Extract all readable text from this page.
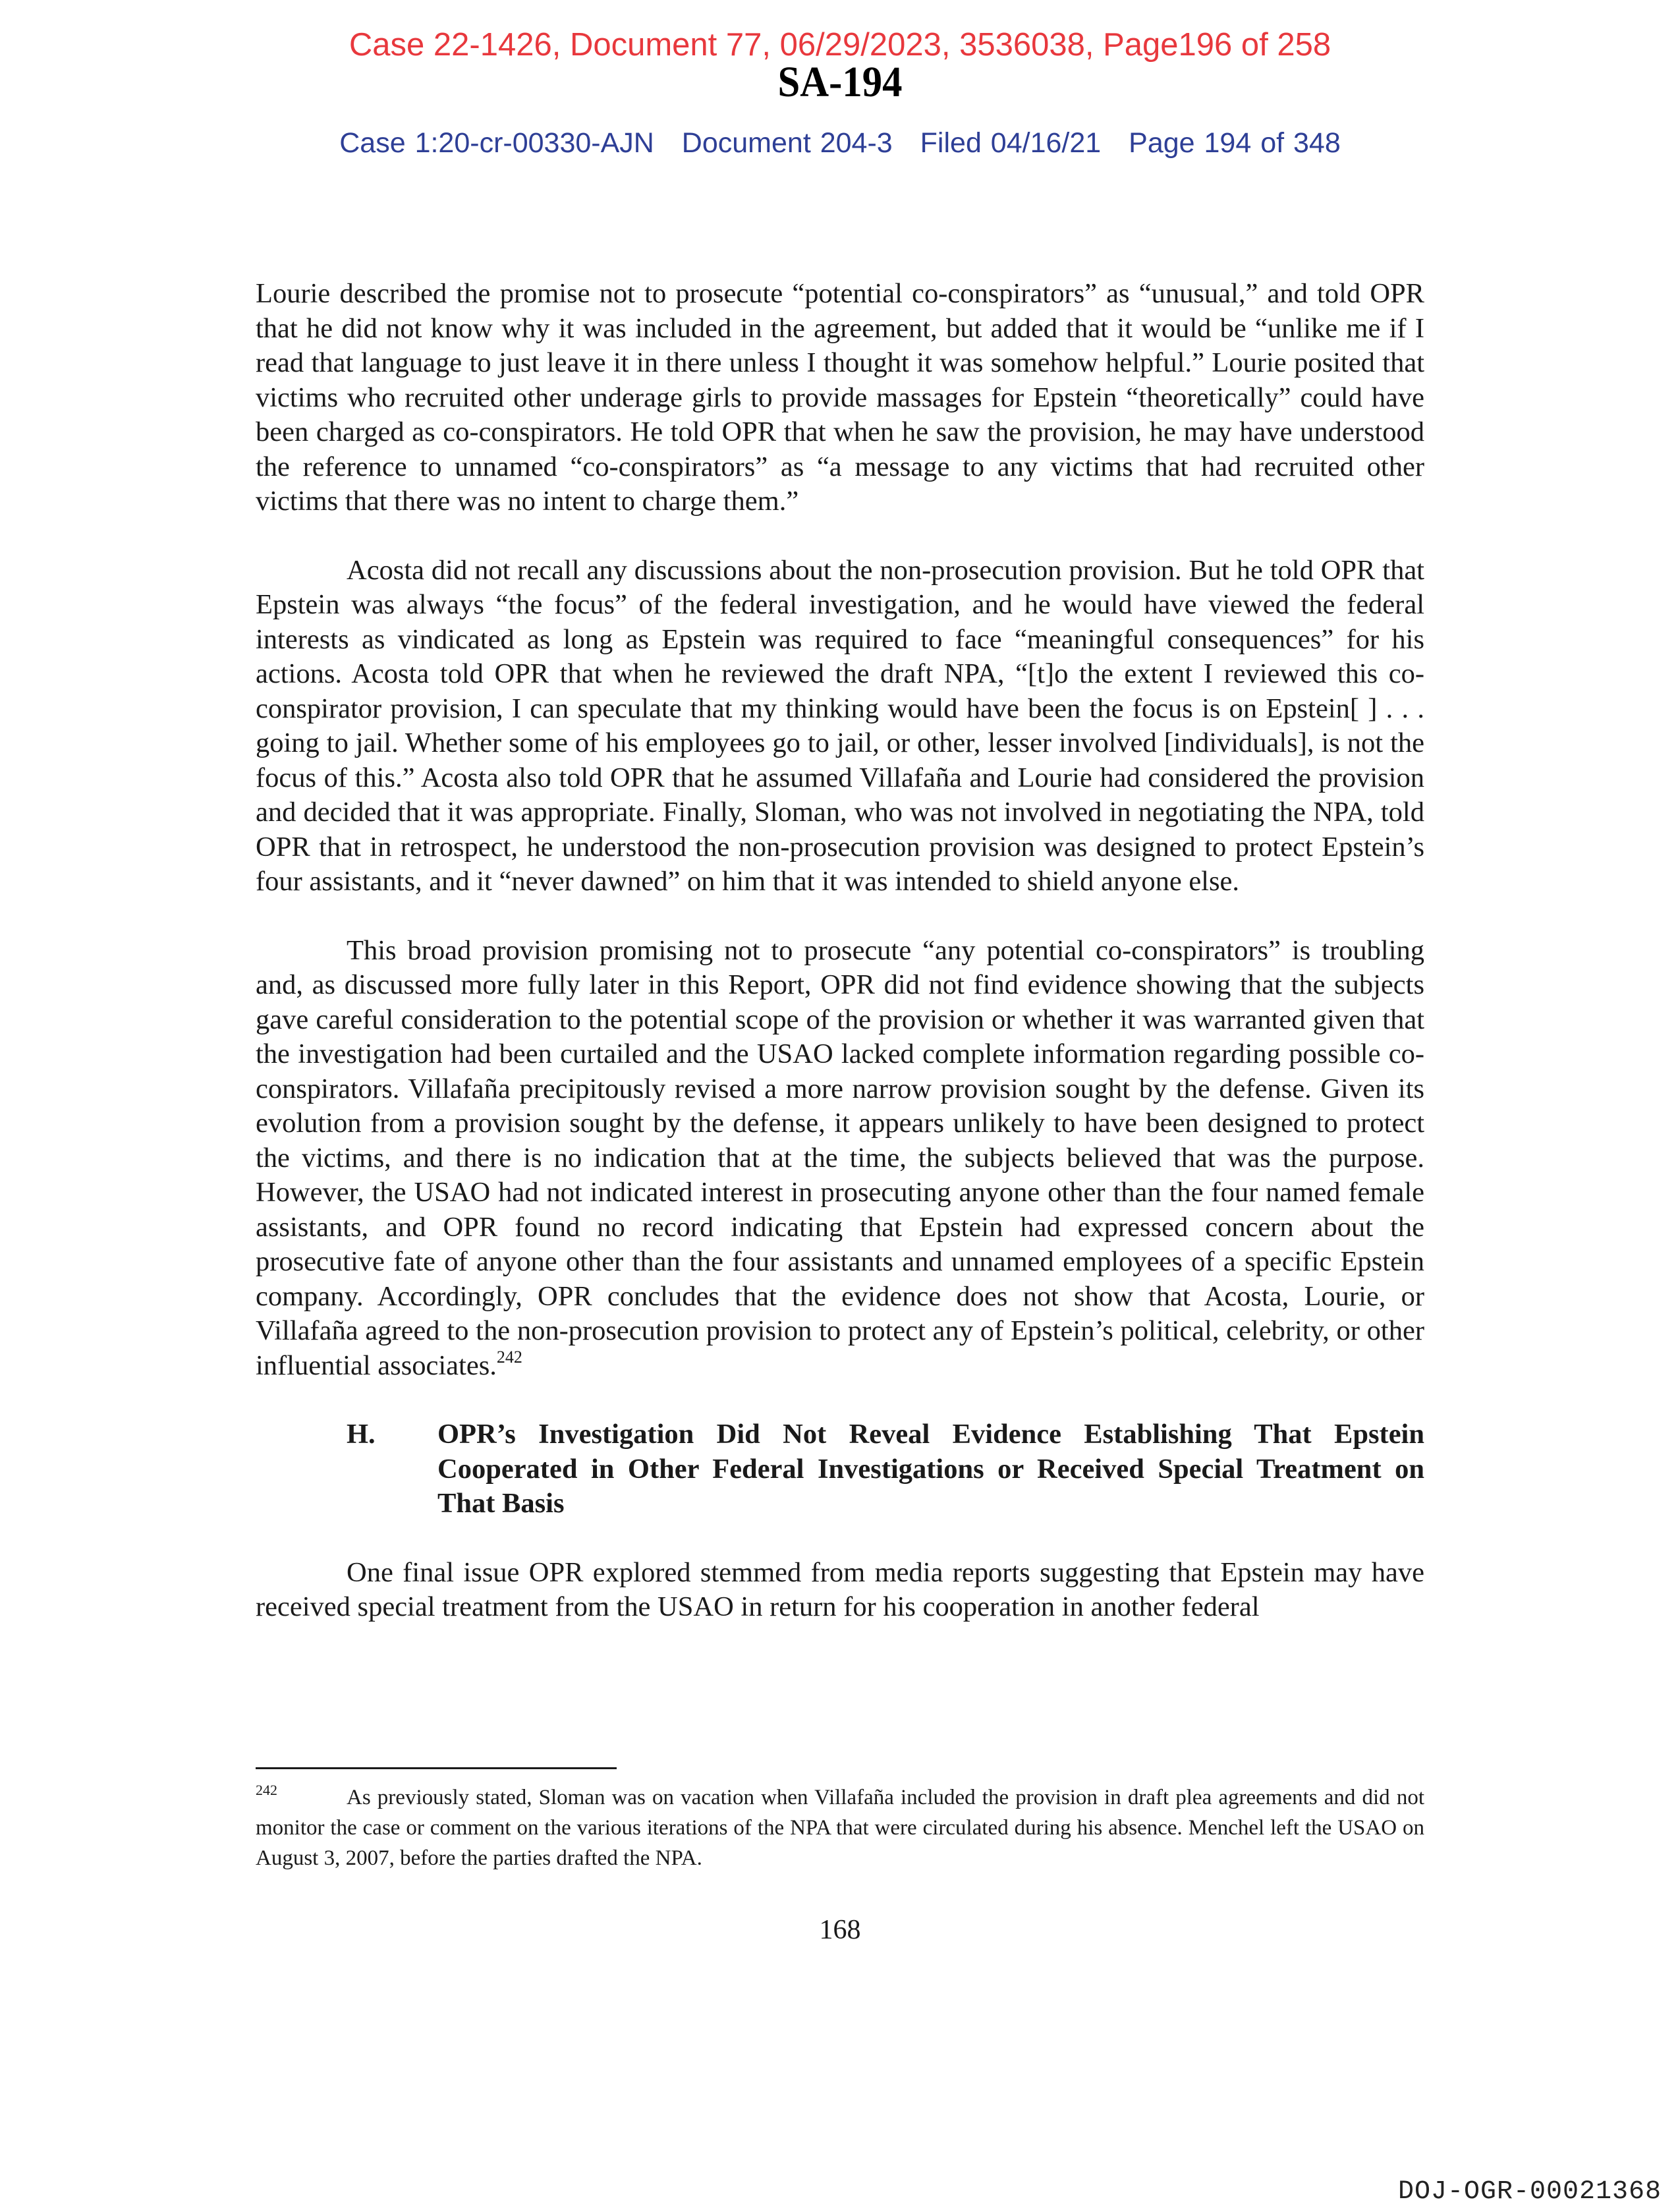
Case 22-1426, Document 77, 06/29/2023, 3536038, Page196 of 258
SA-194
Case 1:20-cr-00330-AJN Document 204-3 Filed 04/16/21 Page 194 of 348

Lourie described the promise not to prosecute “potential co-conspirators” as “unusual,” and told OPR that he did not know why it was included in the agreement, but added that it would be “unlike me if I read that language to just leave it in there unless I thought it was somehow helpful.” Lourie posited that victims who recruited other underage girls to provide massages for Epstein “theoretically” could have been charged as co-conspirators. He told OPR that when he saw the provision, he may have understood the reference to unnamed “co-conspirators” as “a message to any victims that had recruited other victims that there was no intent to charge them.”

Acosta did not recall any discussions about the non-prosecution provision. But he told OPR that Epstein was always “the focus” of the federal investigation, and he would have viewed the federal interests as vindicated as long as Epstein was required to face “meaningful consequences” for his actions. Acosta told OPR that when he reviewed the draft NPA, “[t]o the extent I reviewed this co-conspirator provision, I can speculate that my thinking would have been the focus is on Epstein[ ] . . . going to jail. Whether some of his employees go to jail, or other, lesser involved [individuals], is not the focus of this.” Acosta also told OPR that he assumed Villafaña and Lourie had considered the provision and decided that it was appropriate. Finally, Sloman, who was not involved in negotiating the NPA, told OPR that in retrospect, he understood the non-prosecution provision was designed to protect Epstein’s four assistants, and it “never dawned” on him that it was intended to shield anyone else.

This broad provision promising not to prosecute “any potential co-conspirators” is troubling and, as discussed more fully later in this Report, OPR did not find evidence showing that the subjects gave careful consideration to the potential scope of the provision or whether it was warranted given that the investigation had been curtailed and the USAO lacked complete information regarding possible co-conspirators. Villafaña precipitously revised a more narrow provision sought by the defense. Given its evolution from a provision sought by the defense, it appears unlikely to have been designed to protect the victims, and there is no indication that at the time, the subjects believed that was the purpose. However, the USAO had not indicated interest in prosecuting anyone other than the four named female assistants, and OPR found no record indicating that Epstein had expressed concern about the prosecutive fate of anyone other than the four assistants and unnamed employees of a specific Epstein company. Accordingly, OPR concludes that the evidence does not show that Acosta, Lourie, or Villafaña agreed to the non-prosecution provision to protect any of Epstein’s political, celebrity, or other influential associates.$^{242}$

H.	OPR’s Investigation Did Not Reveal Evidence Establishing That Epstein Cooperated in Other Federal Investigations or Received Special Treatment on That Basis

One final issue OPR explored stemmed from media reports suggesting that Epstein may have received special treatment from the USAO in return for his cooperation in another federal

242	As previously stated, Sloman was on vacation when Villafaña included the provision in draft plea agreements and did not monitor the case or comment on the various iterations of the NPA that were circulated during his absence. Menchel left the USAO on August 3, 2007, before the parties drafted the NPA.
168
DOJ-OGR-00021368
